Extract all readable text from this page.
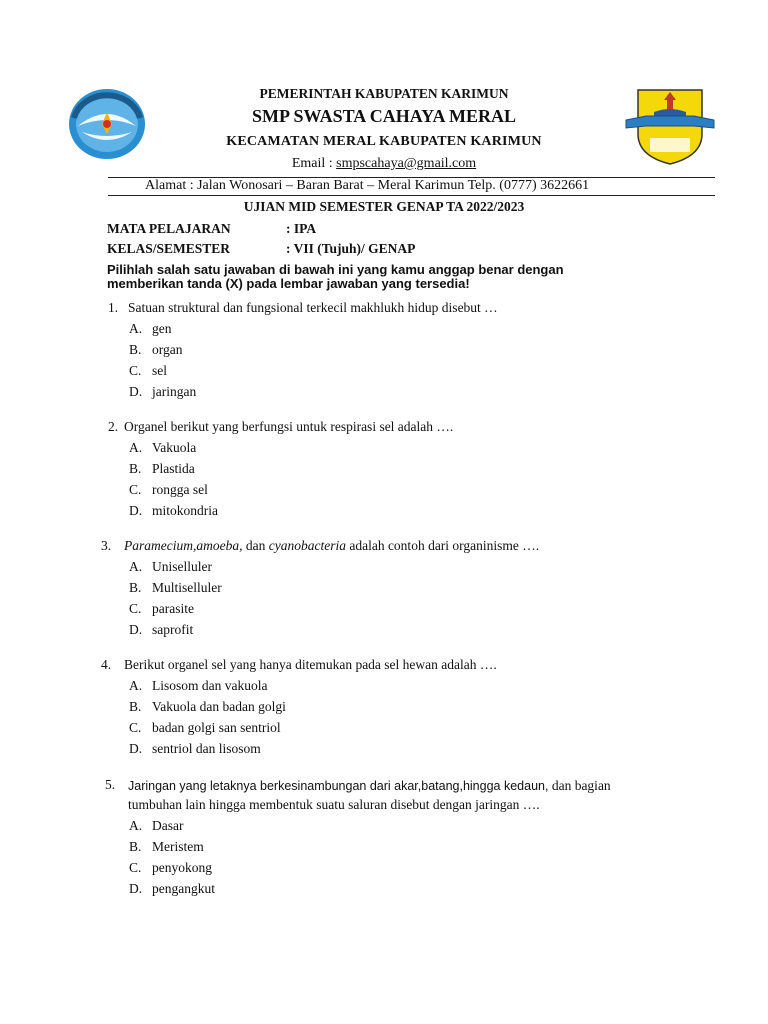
PEMERINTAH KABUPATEN KARIMUN
SMP SWASTA CAHAYA MERAL
KECAMATAN MERAL KABUPATEN KARIMUN
Email : smpscahaya@gmail.com
Alamat : Jalan Wonosari – Baran Barat – Meral Karimun Telp. (0777) 3622661
UJIAN MID SEMESTER GENAP TA 2022/2023
MATA PELAJARAN	: IPA
KELAS/SEMESTER	: VII (Tujuh)/ GENAP
Pilihlah salah satu jawaban di bawah ini yang kamu anggap benar dengan
memberikan tanda (X) pada lembar jawaban yang tersedia!
1. Satuan struktural dan fungsional terkecil makhlukh hidup disebut …
A. gen
B. organ
C. sel
D. jaringan
2. Organel berikut yang berfungsi untuk respirasi sel adalah ….
A. Vakuola
B. Plastida
C. rongga sel
D. mitokondria
3. Paramecium,amoeba, dan cyanobacteria adalah contoh dari organinisme ….
A. Uniselluler
B. Multiselluler
C. parasite
D. saprofit
4. Berikut organel sel yang hanya ditemukan pada sel hewan adalah ….
A. Lisosom dan vakuola
B. Vakuola dan badan golgi
C. badan golgi san sentriol
D. sentriol dan lisosom
5. Jaringan yang letaknya berkesinambungan dari akar,batang,hingga kedaun, dan bagian
tumbuhan lain hingga membentuk suatu saluran disebut dengan jaringan ….
A. Dasar
B. Meristem
C. penyokong
D. pengangkut
